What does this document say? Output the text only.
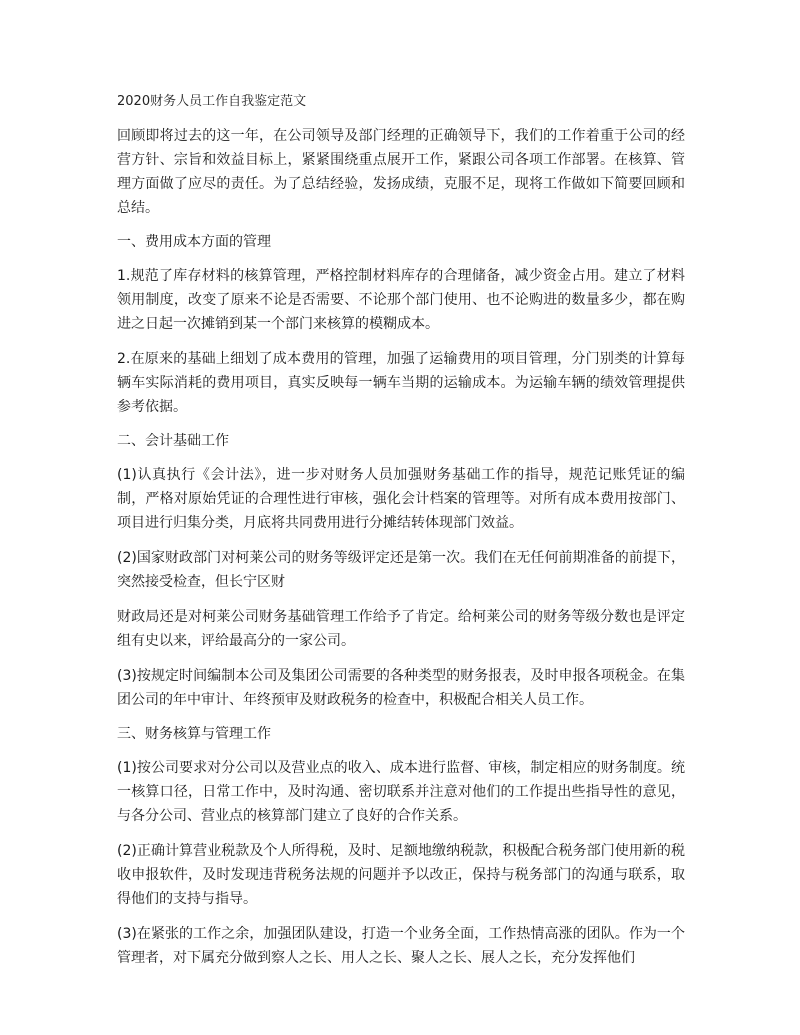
2020财务人员工作自我鉴定范文

回顾即将过去的这一年，在公司领导及部门经理的正确领导下，我们的工作着重于公司的经营方针、宗旨和效益目标上，紧紧围绕重点展开工作，紧跟公司各项工作部署。在核算、管理方面做了应尽的责任。为了总结经验，发扬成绩，克服不足，现将工作做如下简要回顾和总结。

一、费用成本方面的管理

1.规范了库存材料的核算管理，严格控制材料库存的合理储备，减少资金占用。建立了材料领用制度，改变了原来不论是否需要、不论那个部门使用、也不论购进的数量多少，都在购进之日起一次摊销到某一个部门来核算的模糊成本。

2.在原来的基础上细划了成本费用的管理，加强了运输费用的项目管理，分门别类的计算每辆车实际消耗的费用项目，真实反映每一辆车当期的运输成本。为运输车辆的绩效管理提供参考依据。

二、会计基础工作

(1)认真执行《会计法》，进一步对财务人员加强财务基础工作的指导，规范记账凭证的编制，严格对原始凭证的合理性进行审核，强化会计档案的管理等。对所有成本费用按部门、项目进行归集分类，月底将共同费用进行分摊结转体现部门效益。

(2)国家财政部门对柯莱公司的财务等级评定还是第一次。我们在无任何前期准备的前提下，突然接受检查，但长宁区财

财政局还是对柯莱公司财务基础管理工作给予了肯定。给柯莱公司的财务等级分数也是评定组有史以来，评给最高分的一家公司。

(3)按规定时间编制本公司及集团公司需要的各种类型的财务报表，及时申报各项税金。在集团公司的年中审计、年终预审及财政税务的检查中，积极配合相关人员工作。

三、财务核算与管理工作

(1)按公司要求对分公司以及营业点的收入、成本进行监督、审核，制定相应的财务制度。统一核算口径，日常工作中，及时沟通、密切联系并注意对他们的工作提出些指导性的意见，与各分公司、营业点的核算部门建立了良好的合作关系。

(2)正确计算营业税款及个人所得税，及时、足额地缴纳税款，积极配合税务部门使用新的税收申报软件，及时发现违背税务法规的问题并予以改正，保持与税务部门的沟通与联系，取得他们的支持与指导。

(3)在紧张的工作之余，加强团队建设，打造一个业务全面，工作热情高涨的团队。作为一个管理者，对下属充分做到察人之长、用人之长、聚人之长、展人之长，充分发挥他们
